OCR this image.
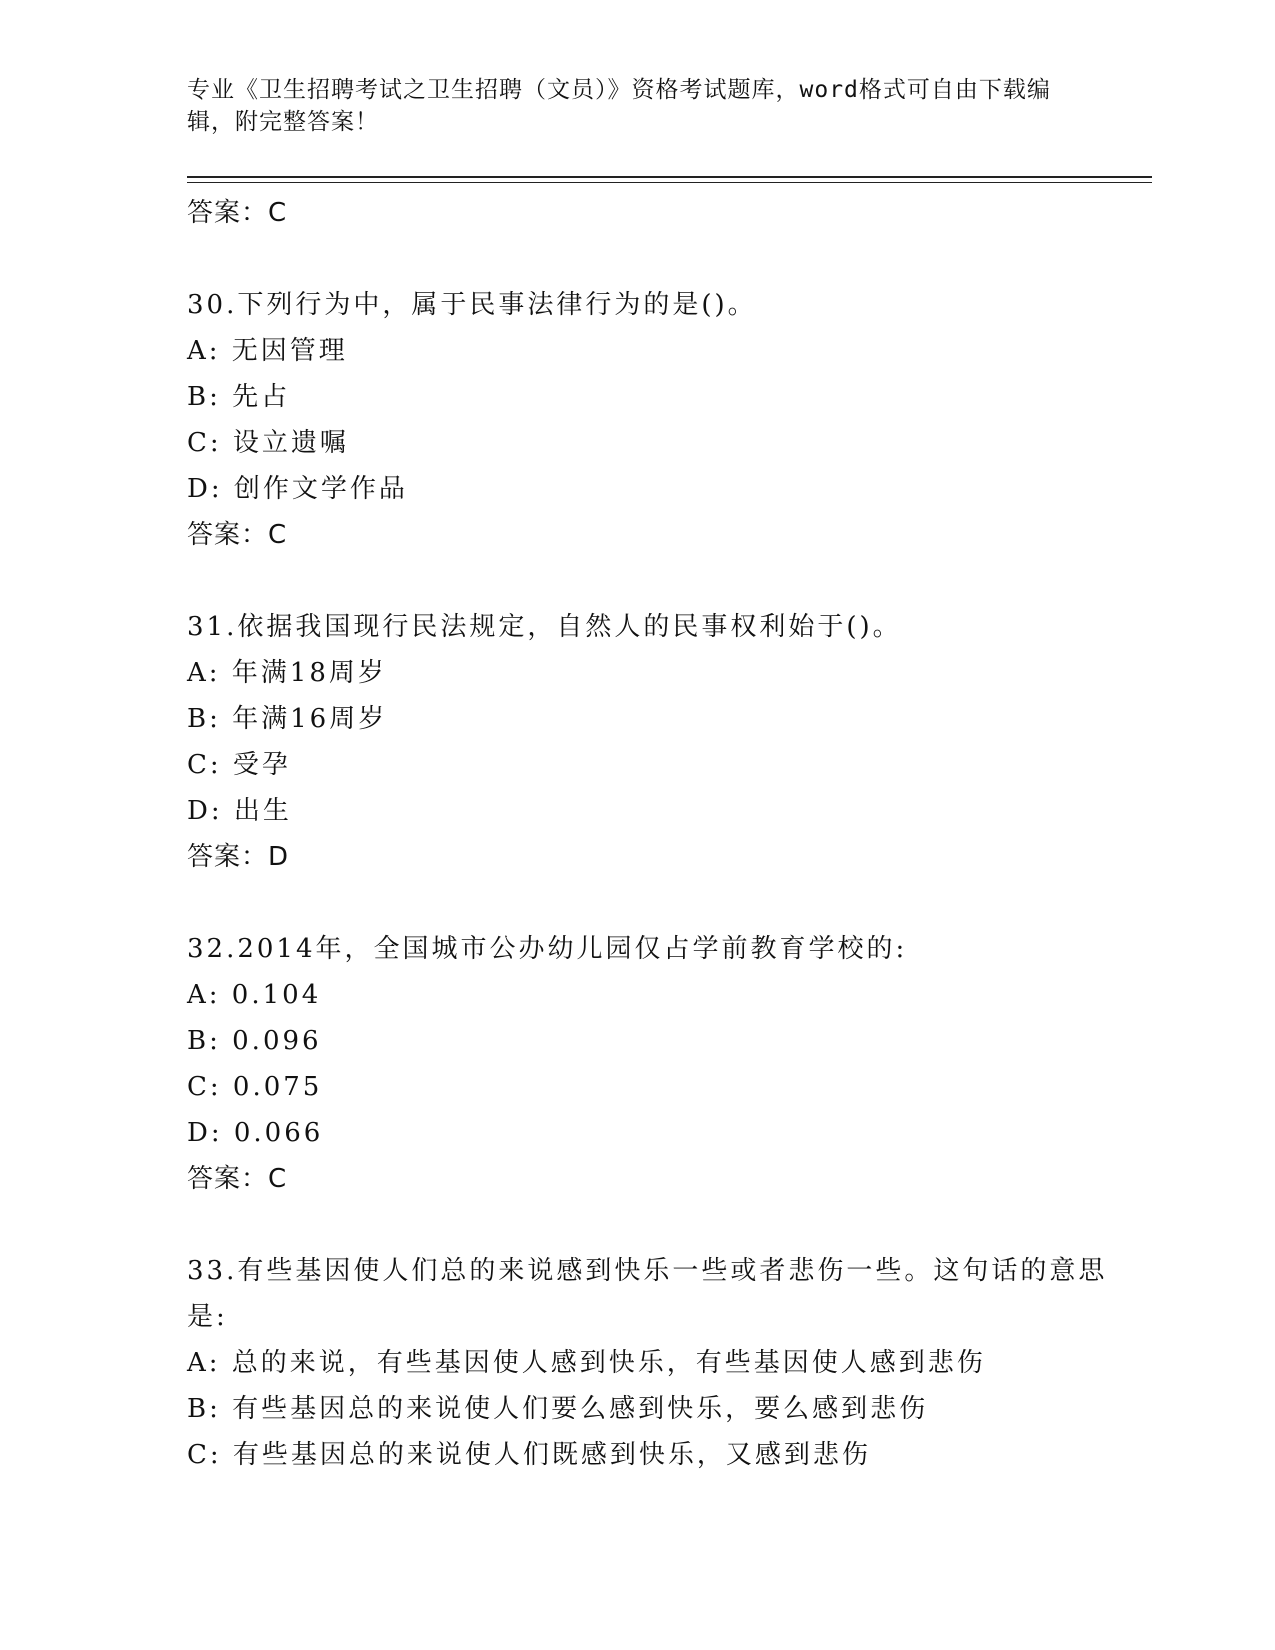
专业《卫生招聘考试之卫生招聘（文员）》资格考试题库，word格式可自由下载编辑，附完整答案！
答案：C
30.下列行为中，属于民事法律行为的是()。
A: 无因管理
B: 先占
C: 设立遗嘱
D: 创作文学作品
答案：C
31.依据我国现行民法规定，自然人的民事权利始于()。
A: 年满18周岁
B: 年满16周岁
C: 受孕
D: 出生
答案：D
32.2014年，全国城市公办幼儿园仅占学前教育学校的:
A: 0.104
B: 0.096
C: 0.075
D: 0.066
答案：C
33.有些基因使人们总的来说感到快乐一些或者悲伤一些。这句话的意思是:
A: 总的来说，有些基因使人感到快乐，有些基因使人感到悲伤
B: 有些基因总的来说使人们要么感到快乐，要么感到悲伤
C: 有些基因总的来说使人们既感到快乐，又感到悲伤
